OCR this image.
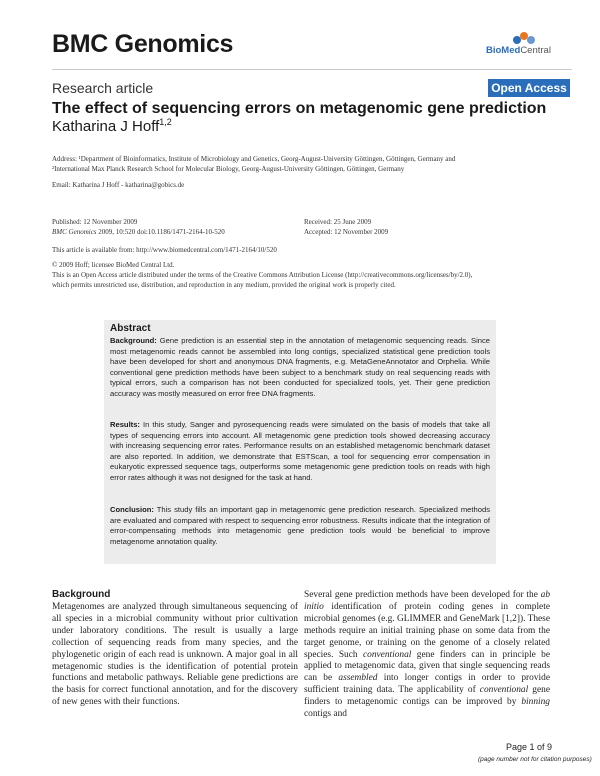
BMC Genomics	BioMedCentral
Research article	Open Access
The effect of sequencing errors on metagenomic gene prediction
Katharina J Hoff$^{1,2}$
Address: ¹Department of Bioinformatics, Institute of Microbiology and Genetics, Georg-August-University Göttingen, Göttingen, Germany and
²International Max Planck Research School for Molecular Biology, Georg-August-University Göttingen, Göttingen, Germany
Email: Katharina J Hoff - katharina@gobics.de
Published: 12 November 2009
BMC Genomics 2009, 10:520 doi:10.1186/1471-2164-10-520
Received: 25 June 2009
Accepted: 12 November 2009
This article is available from: http://www.biomedcentral.com/1471-2164/10/520
© 2009 Hoff; licensee BioMed Central Ltd.
This is an Open Access article distributed under the terms of the Creative Commons Attribution License (http://creativecommons.org/licenses/by/2.0),
which permits unrestricted use, distribution, and reproduction in any medium, provided the original work is properly cited.
Abstract

Background: Gene prediction is an essential step in the annotation of metagenomic sequencing reads. Since most metagenomic reads cannot be assembled into long contigs, specialized statistical gene prediction tools have been developed for short and anonymous DNA fragments, e.g. MetaGeneAnnotator and Orphelia. While conventional gene prediction methods have been subject to a benchmark study on real sequencing reads with typical errors, such a comparison has not been conducted for specialized tools, yet. Their gene prediction accuracy was mostly measured on error free DNA fragments.

Results: In this study, Sanger and pyrosequencing reads were simulated on the basis of models that take all types of sequencing errors into account. All metagenomic gene prediction tools showed decreasing accuracy with increasing sequencing error rates. Performance results on an established metagenomic benchmark dataset are also reported. In addition, we demonstrate that ESTScan, a tool for sequencing error compensation in eukaryotic expressed sequence tags, outperforms some metagenomic gene prediction tools on reads with high error rates although it was not designed for the task at hand.

Conclusion: This study fills an important gap in metagenomic gene prediction research. Specialized methods are evaluated and compared with respect to sequencing error robustness. Results indicate that the integration of error-compensating methods into metagenomic gene prediction tools would be beneficial to improve metagenome annotation quality.

Background

Metagenomes are analyzed through simultaneous sequencing of all species in a microbial community without prior cultivation under laboratory conditions. The result is usually a large collection of sequencing reads from many species, and the phylogenetic origin of each read is unknown. A major goal in all metagenomic studies is the identification of potential protein functions and metabolic pathways. Reliable gene predictions are the basis for correct functional annotation, and for the discovery of new genes with their functions.

Several gene prediction methods have been developed for the ab initio identification of protein coding genes in complete microbial genomes (e.g. GLIMMER and GeneMark [1,2]). These methods require an initial training phase on some data from the target genome, or training on the genome of a closely related species. Such conventional gene finders can in principle be applied to metagenomic data, given that single sequencing reads can be assembled into longer contigs in order to provide sufficient training data. The applicability of conventional gene finders to metagenomic contigs can be improved by binning contigs and

Page 1 of 9
(page number not for citation purposes)
